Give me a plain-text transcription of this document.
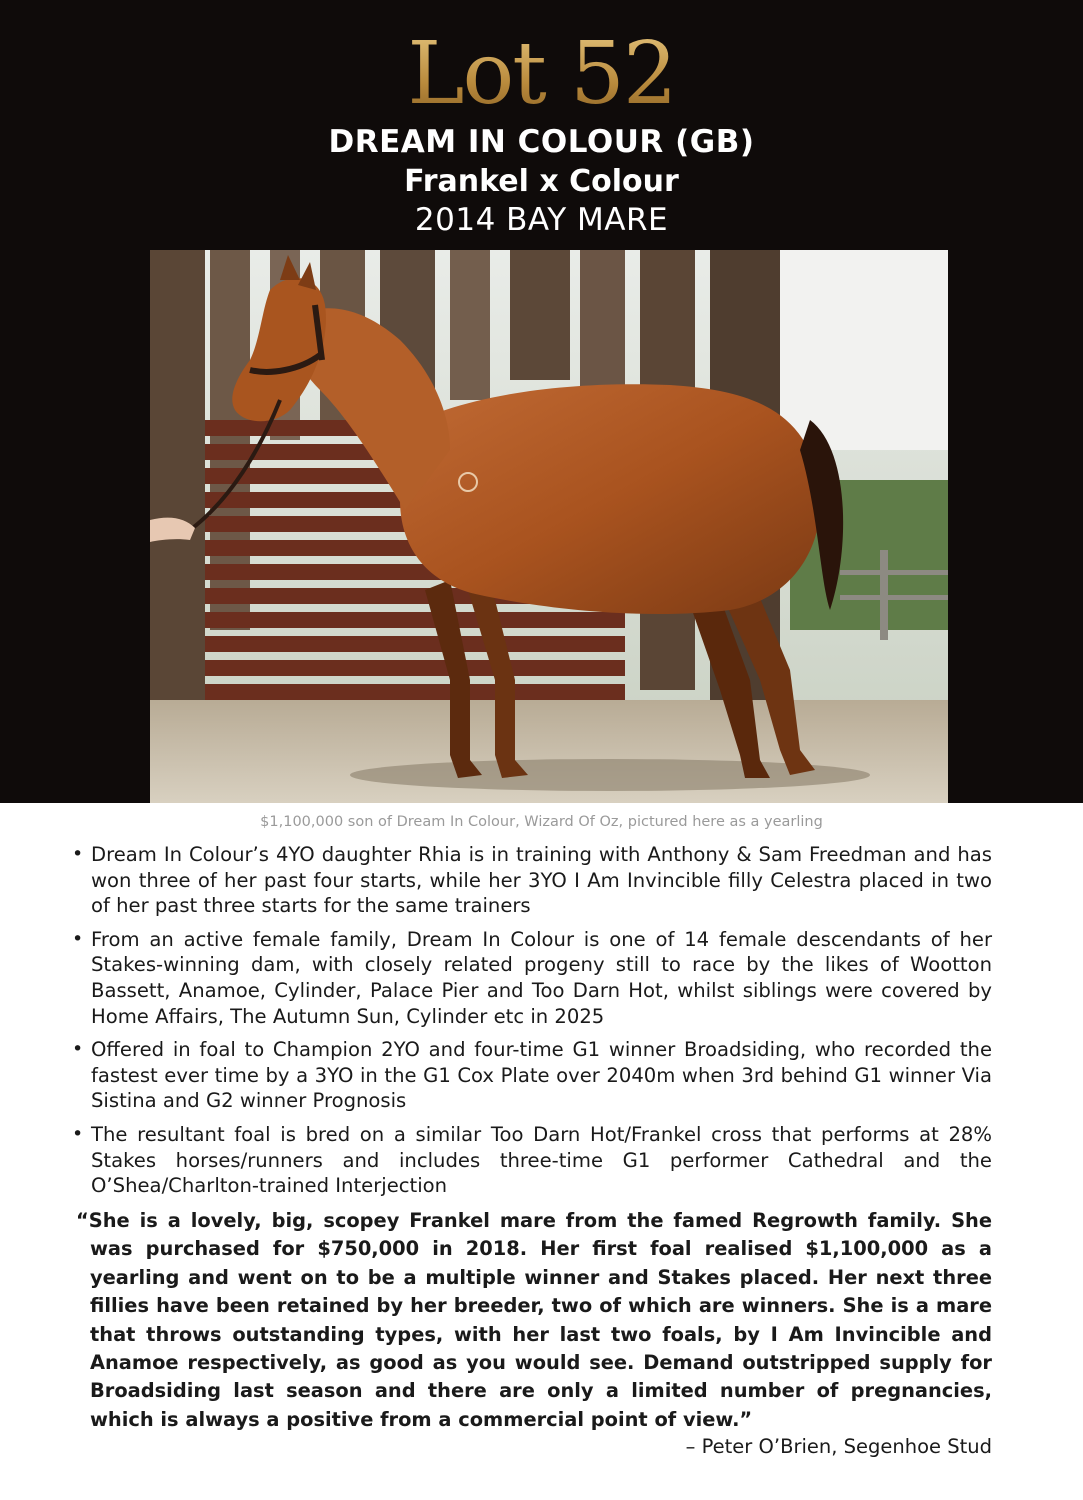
Lot 52
DREAM IN COLOUR (GB)
Frankel x Colour
2014 BAY MARE
$1,100,000 son of Dream In Colour, Wizard Of Oz, pictured here as a yearling
• Dream In Colour’s 4YO daughter Rhia is in training with Anthony & Sam Freedman and has won three of her past four starts, while her 3YO I Am Invincible filly Celestra placed in two of her past three starts for the same trainers
• From an active female family, Dream In Colour is one of 14 female descendants of her Stakes-winning dam, with closely related progeny still to race by the likes of Wootton Bassett, Anamoe, Cylinder, Palace Pier and Too Darn Hot, whilst siblings were covered by Home Affairs, The Autumn Sun, Cylinder etc in 2025
• Offered in foal to Champion 2YO and four-time G1 winner Broadsiding, who recorded the fastest ever time by a 3YO in the G1 Cox Plate over 2040m when 3rd behind G1 winner Via Sistina and G2 winner Prognosis
• The resultant foal is bred on a similar Too Darn Hot/Frankel cross that performs at 28% Stakes horses/runners and includes three-time G1 performer Cathedral and the O’Shea/Charlton-trained Interjection
“She is a lovely, big, scopey Frankel mare from the famed Regrowth family. She was purchased for $750,000 in 2018. Her first foal realised $1,100,000 as a yearling and went on to be a multiple winner and Stakes placed. Her next three fillies have been retained by her breeder, two of which are winners. She is a mare that throws outstanding types, with her last two foals, by I Am Invincible and Anamoe respectively, as good as you would see. Demand outstripped supply for Broadsiding last season and there are only a limited number of pregnancies, which is always a positive from a commercial point of view.”
– Peter O’Brien, Segenhoe Stud
